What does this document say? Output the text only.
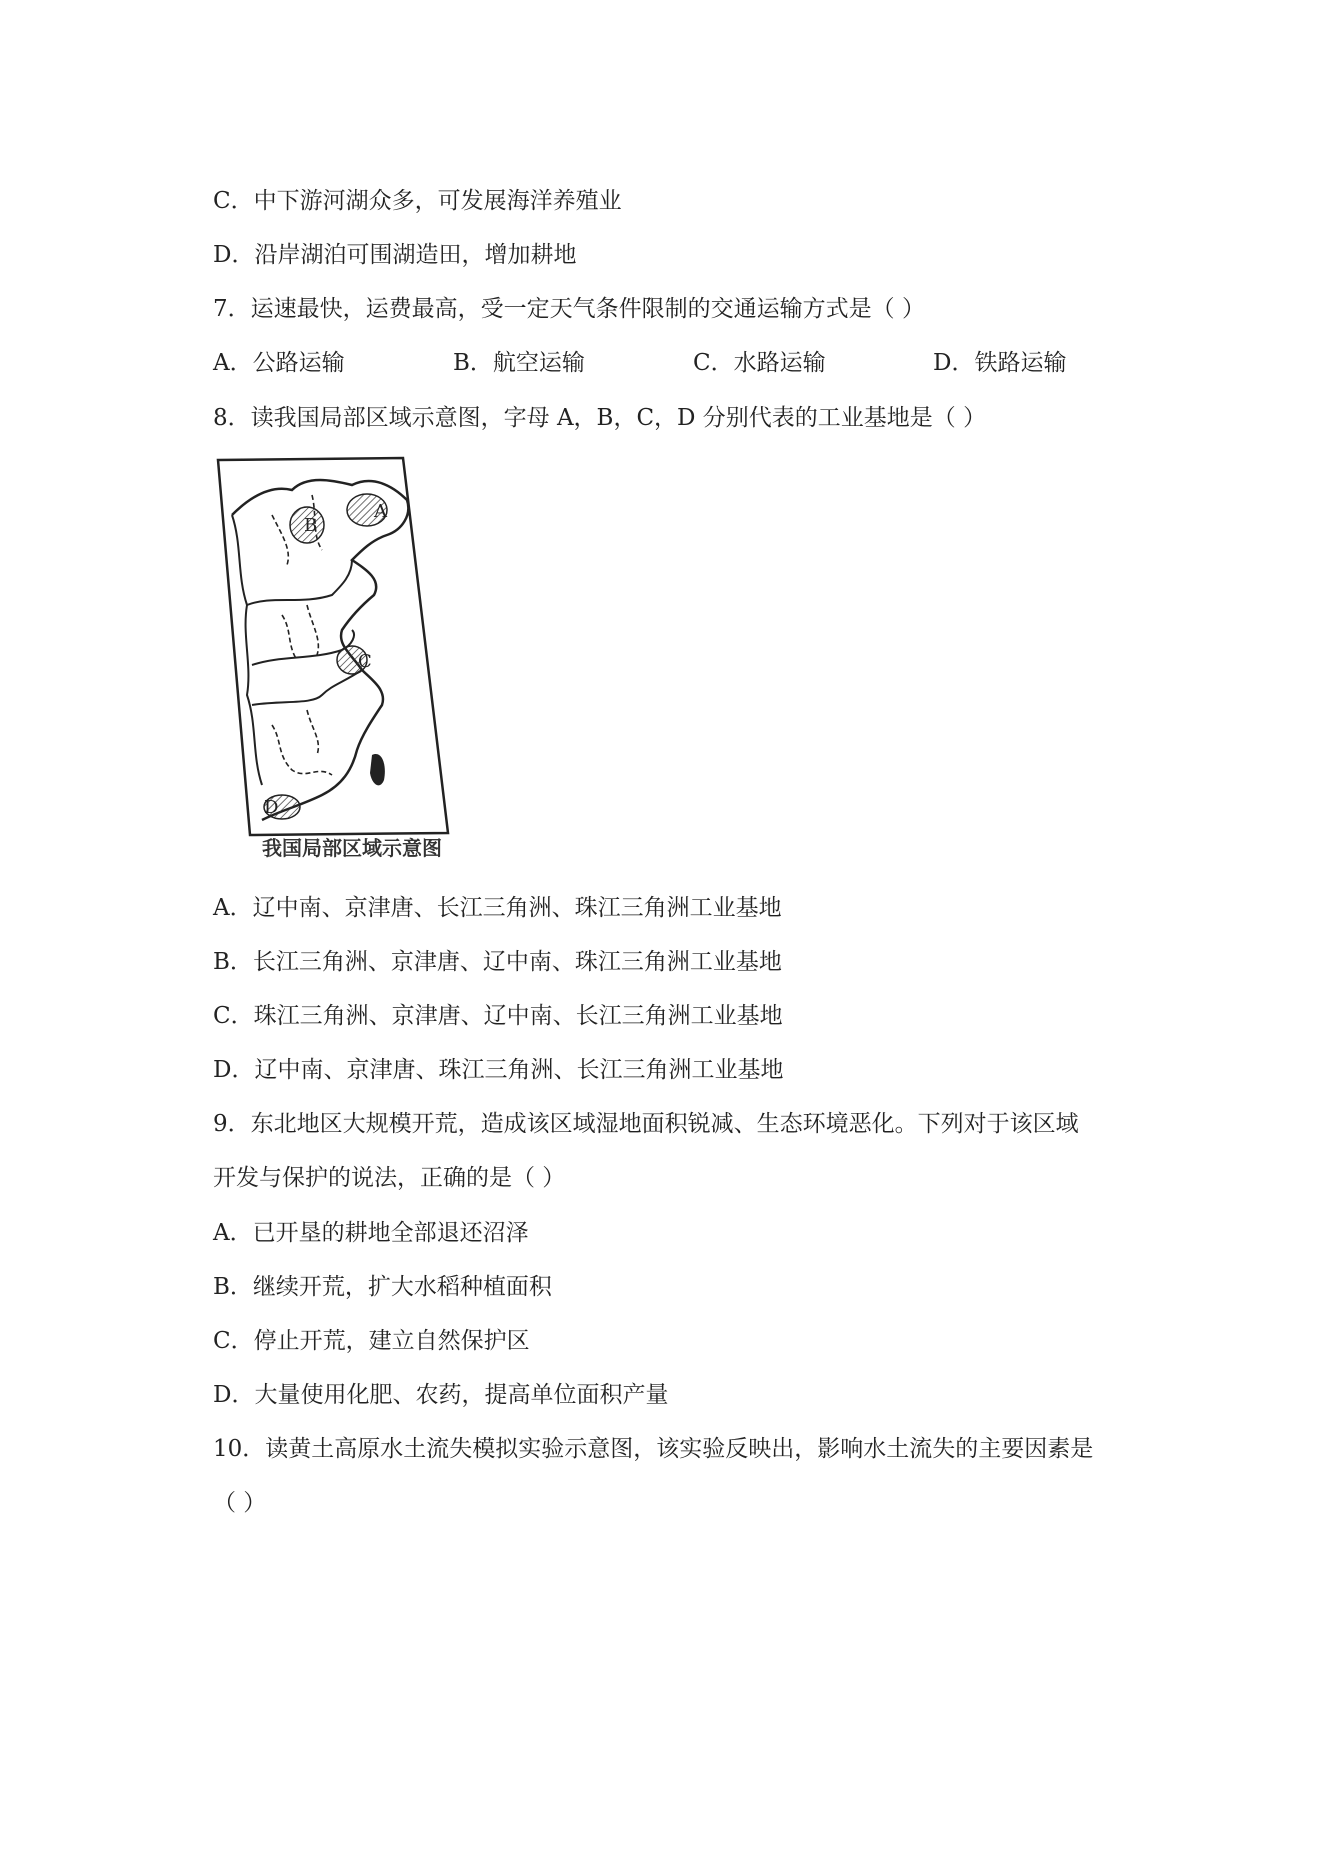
C．中下游河湖众多，可发展海洋养殖业
D．沿岸湖泊可围湖造田，增加耕地
7．运速最快，运费最高，受一定天气条件限制的交通运输方式是（ ）
A．公路运输	B．航空运输	C．水路运输	D．铁路运输
8．读我国局部区域示意图，字母 A，B，C，D 分别代表的工业基地是（ ）
A
B
C
D
我国局部区域示意图
A．辽中南、京津唐、长江三角洲、珠江三角洲工业基地
B．长江三角洲、京津唐、辽中南、珠江三角洲工业基地
C．珠江三角洲、京津唐、辽中南、长江三角洲工业基地
D．辽中南、京津唐、珠江三角洲、长江三角洲工业基地
9．东北地区大规模开荒，造成该区域湿地面积锐减、生态环境恶化。下列对于该区域
开发与保护的说法，正确的是（ ）
A．已开垦的耕地全部退还沼泽
B．继续开荒，扩大水稻种植面积
C．停止开荒，建立自然保护区
D．大量使用化肥、农药，提高单位面积产量
10．读黄土高原水土流失模拟实验示意图，该实验反映出，影响水土流失的主要因素是
（ ）
